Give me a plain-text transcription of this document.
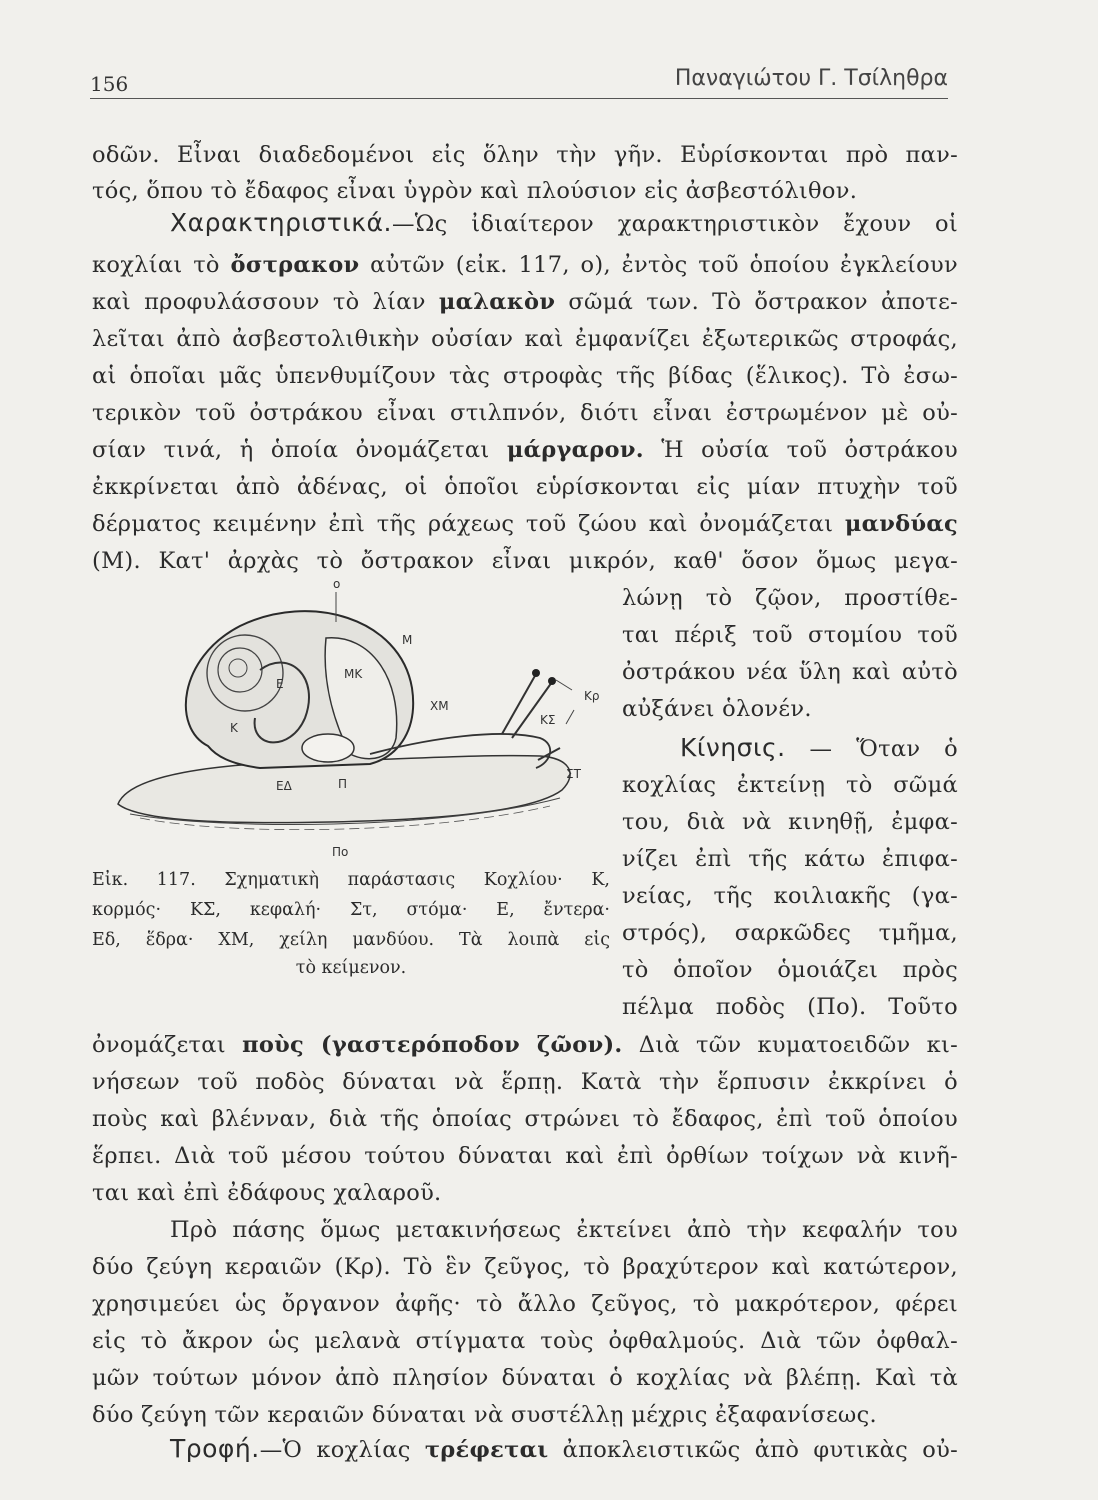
156	Παναγιώτου Γ. Τσίληθρα
οδῶν. Εἶναι διαδεδομένοι εἰς ὅλην τὴν γῆν. Εὑρίσκονται πρὸ παν-
τός, ὅπου τὸ ἔδαφος εἶναι ὑγρὸν καὶ πλούσιον εἰς ἀσβεστόλιθον.
Χαρακτηριστικά.—Ὡς ἰδιαίτερον χαρακτηριστικὸν ἔχουν οἱ
κοχλίαι τὸ ὄστρακον αὐτῶν (εἰκ. 117, ο), ἐντὸς τοῦ ὁποίου ἐγκλείουν
καὶ προφυλάσσουν τὸ λίαν μαλακὸν σῶμά των. Τὸ ὄστρακον ἀποτε-
λεῖται ἀπὸ ἀσβεστολιθικὴν οὐσίαν καὶ ἐμφανίζει ἐξωτερικῶς στροφάς,
αἱ ὁποῖαι μᾶς ὑπενθυμίζουν τὰς στροφὰς τῆς βίδας (ἕλικος). Τὸ ἐσω-
τερικὸν τοῦ ὀστράκου εἶναι στιλπνόν, διότι εἶναι ἐστρωμένον μὲ οὐ-
σίαν τινά, ἡ ὁποία ὀνομάζεται μάργαρον. Ἡ οὐσία τοῦ ὀστράκου
ἐκκρίνεται ἀπὸ ἀδένας, οἱ ὁποῖοι εὑρίσκονται εἰς μίαν πτυχὴν τοῦ
δέρματος κειμένην ἐπὶ τῆς ράχεως τοῦ ζώου καὶ ὀνομάζεται μανδύας
(Μ). Κατ' ἀρχὰς τὸ ὄστρακον εἶναι μικρόν, καθ' ὅσον ὅμως μεγα-
λώνῃ τὸ ζῷον, προστίθε-
ται πέριξ τοῦ στομίου τοῦ
ὀστράκου νέα ὕλη καὶ αὐτὸ
αὐξάνει ὁλονέν.
Κίνησις. — Ὅταν ὁ
κοχλίας ἐκτείνῃ τὸ σῶμά
του, διὰ νὰ κινηθῇ, ἐμφα-
νίζει ἐπὶ τῆς κάτω ἐπιφα-
νείας, τῆς κοιλιακῆς (γα-
στρός), σαρκῶδες τμῆμα,
τὸ ὁποῖον ὁμοιάζει πρὸς
πέλμα ποδὸς (Πο). Τοῦτο
ὀνομάζεται ποὺς (γαστερόποδον ζῶον). Διὰ τῶν κυματοειδῶν κι-
νήσεων τοῦ ποδὸς δύναται νὰ ἕρπῃ. Κατὰ τὴν ἕρπυσιν ἐκκρίνει ὁ
ποὺς καὶ βλένναν, διὰ τῆς ὁποίας στρώνει τὸ ἔδαφος, ἐπὶ τοῦ ὁποίου
ἕρπει. Διὰ τοῦ μέσου τούτου δύναται καὶ ἐπὶ ὀρθίων τοίχων νὰ κινῆ-
ται καὶ ἐπὶ ἐδάφους χαλαροῦ.
Πρὸ πάσης ὅμως μετακινήσεως ἐκτείνει ἀπὸ τὴν κεφαλήν του
δύο ζεύγη κεραιῶν (Κρ). Τὸ ἓν ζεῦγος, τὸ βραχύτερον καὶ κατώτερον,
χρησιμεύει ὡς ὄργανον ἀφῆς· τὸ ἄλλο ζεῦγος, τὸ μακρότερον, φέρει
εἰς τὸ ἄκρον ὡς μελανὰ στίγματα τοὺς ὀφθαλμούς. Διὰ τῶν ὀφθαλ-
μῶν τούτων μόνον ἀπὸ πλησίον δύναται ὁ κοχλίας νὰ βλέπῃ. Καὶ τὰ
δύο ζεύγη τῶν κεραιῶν δύναται νὰ συστέλλῃ μέχρις ἐξαφανίσεως.
Τροφή.—Ὁ κοχλίας τρέφεται ἀποκλειστικῶς ἀπὸ φυτικὰς οὐ-
ο
Μ
ΜΚ
Ε
Κ
ΧΜ
Κρ
ΚΣ
ΣΤ
ΕΔ	Π
Πο
Εἰκ. 117. Σχηματικὴ παράστασις Κοχλίου· Κ,
κορμός· ΚΣ, κεφαλή· Στ, στόμα· Ε, ἔντερα·
Εδ, ἕδρα· ΧΜ, χείλη μανδύου. Τὰ λοιπὰ εἰς
τὸ κείμενον.
